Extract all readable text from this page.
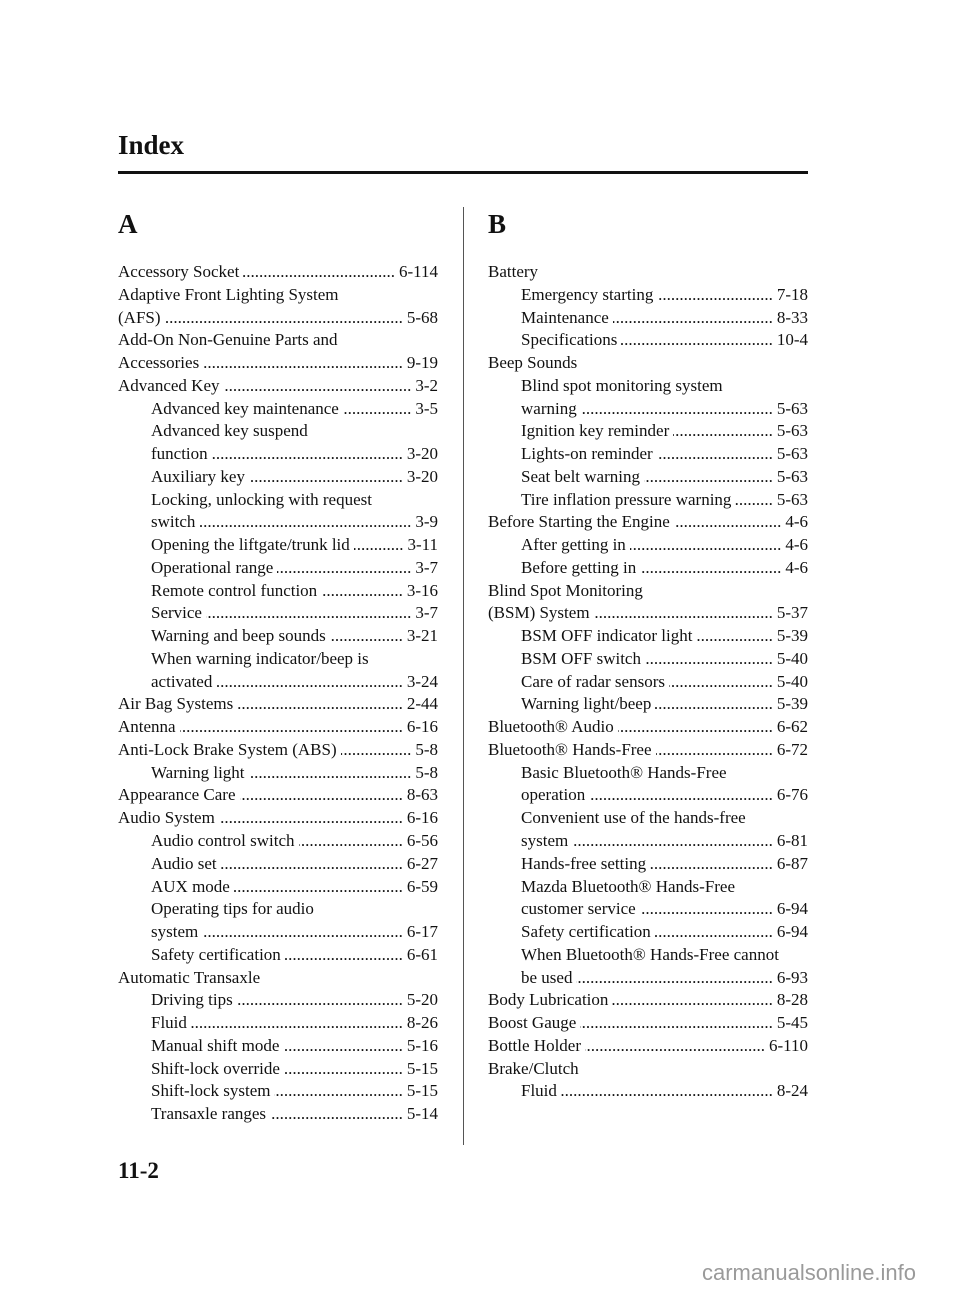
Index
A	B
Accessory Socket .....	6-114
Adaptive Front Lighting System
(AFS) .....	5-68
Add-On Non-Genuine Parts and
Accessories .....	9-19
Advanced Key .....	3-2
Advanced key maintenance .....	3-5
Advanced key suspend
function .....	3-20
Auxiliary key .....	3-20
Locking, unlocking with request
switch .....	3-9
Opening the liftgate/trunk lid .....	3-11
Operational range .....	3-7
Remote control function .....	3-16
Service .....	3-7
Warning and beep sounds .....	3-21
When warning indicator/beep is
activated .....	3-24
Air Bag Systems .....	2-44
Antenna .....	6-16
Anti-Lock Brake System (ABS) .....	5-8
Warning light .....	5-8
Appearance Care .....	8-63
Audio System .....	6-16
Audio control switch .....	6-56
Audio set .....	6-27
AUX mode .....	6-59
Operating tips for audio
system .....	6-17
Safety certification .....	6-61
Automatic Transaxle
Driving tips .....	5-20
Fluid .....	8-26
Manual shift mode .....	5-16
Shift-lock override .....	5-15
Shift-lock system .....	5-15
Transaxle ranges .....	5-14
Battery
Emergency starting .....	7-18
Maintenance .....	8-33
Specifications .....	10-4
Beep Sounds
Blind spot monitoring system
warning .....	5-63
Ignition key reminder .....	5-63
Lights-on reminder .....	5-63
Seat belt warning .....	5-63
Tire inflation pressure warning .....	5-63
Before Starting the Engine .....	4-6
After getting in .....	4-6
Before getting in .....	4-6
Blind Spot Monitoring
(BSM) System .....	5-37
BSM OFF indicator light .....	5-39
BSM OFF switch .....	5-40
Care of radar sensors .....	5-40
Warning light/beep .....	5-39
Bluetooth® Audio .....	6-62
Bluetooth® Hands-Free .....	6-72
Basic Bluetooth® Hands-Free
operation .....	6-76
Convenient use of the hands-free
system .....	6-81
Hands-free setting .....	6-87
Mazda Bluetooth® Hands-Free
customer service .....	6-94
Safety certification .....	6-94
When Bluetooth® Hands-Free cannot
be used .....	6-93
Body Lubrication .....	8-28
Boost Gauge .....	5-45
Bottle Holder .....	6-110
Brake/Clutch
Fluid .....	8-24
11-2
carmanualsonline.info
